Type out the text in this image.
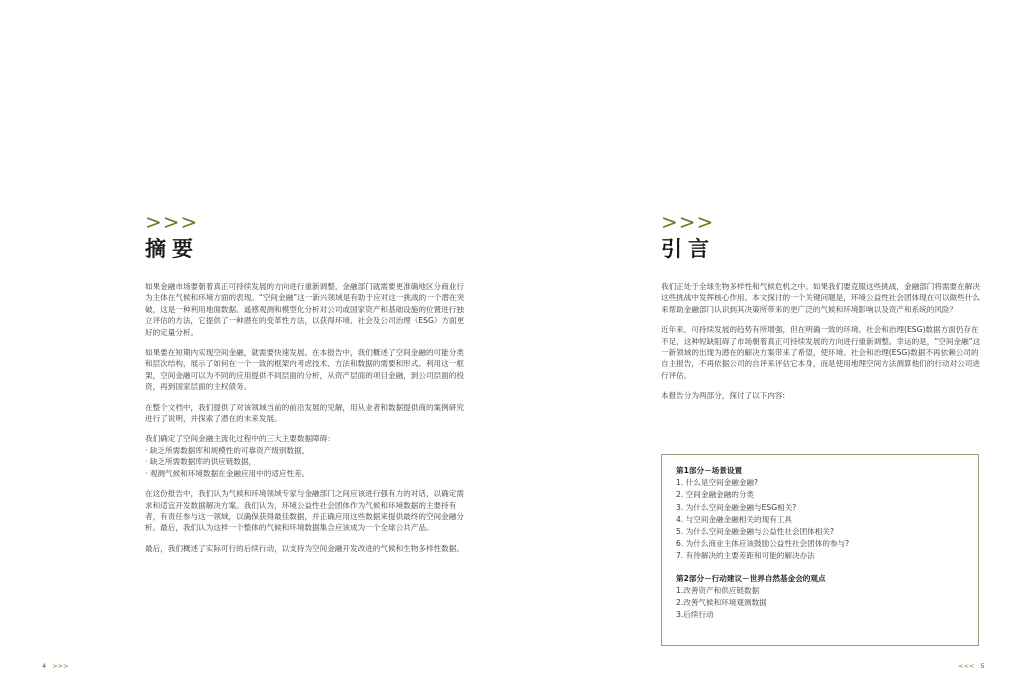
>>>
摘要

如果金融市场要朝着真正可持续发展的方向进行重新调整，金融部门就需要更准确地区分商业行为主体在气候和环境方面的表现。“空间金融”这一新兴领域是有助于应对这一挑战的一个潜在突破，这是一种利用地面数据、遥感观测和模型化分析对公司或国家资产和基础设施的位置进行独立评估的方法，它提供了一种潜在的变革性方法，以获得环境、社会及公司治理（ESG）方面更好的定量分析。

如果要在短期内实现空间金融，就需要快速发展。在本报告中，我们概述了空间金融的可能分类和层次结构，展示了如何在一个一致的框架内考虑技术、方法和数据的需要和形式。利用这一框架，空间金融可以为不同的应用提供不同层面的分析，从资产层面的项目金融，到公司层面的投资，再到国家层面的主权债务。

在整个文档中，我们提供了对该领域当前的前沿发展的见解，用从业者和数据提供商的案例研究进行了说明，并探索了潜在的未来发展。

我们确定了空间金融主流化过程中的三大主要数据障碍：

· 缺乏所需数据库和规模性的可靠资产级别数据，
· 缺乏所需数据库的供应链数据，
· 观测气候和环境数据在金融应用中的适应性差。

在这份报告中，我们认为气候和环境领域专家与金融部门之间应该进行强有力的对话，以确定需求和适宜开发数据解决方案。我们认为，环境公益性社会团体作为气候和环境数据的主要持有者，有责任参与这一领域，以确保获得最佳数据，并正确应用这些数据来提供最终的空间金融分析。最后，我们认为这样一个整体的气候和环境数据集合应该成为一个全球公共产品。

最后，我们概述了实际可行的后续行动，以支持为空间金融开发改进的气候和生物多样性数据。

4 >>>
>>>
引言

我们正处于全球生物多样性和气候危机之中。如果我们要克服这些挑战，金融部门将需要在解决这些挑战中发挥核心作用。本文探讨的一个关键问题是，环境公益性社会团体现在可以做些什么来帮助金融部门认识到其决策所带来的更广泛的气候和环境影响以及资产和系统的风险？

近年来，可持续发展的趋势有所增强，但在明确一致的环境、社会和治理(ESG)数据方面仍存在不足，这种短缺阻碍了市场朝着真正可持续发展的方向进行重新调整。幸运的是，“空间金融”这一新领域的出现为潜在的解决方案带来了希望，使环境、社会和治理(ESG)数据不再依赖公司的自主报告，不再依据公司的自评来评估它本身，而是使用地理空间方法测算他们的行动对公司进行评估。

本报告分为两部分，探讨了以下内容:

第1部分－场景设置

1. 什么是空间金融金融?
2. 空间金融金融的分类
3. 为什么空间金融金融与ESG相关?
4. 与空间金融金融相关的现有工具
5. 为什么空间金融金融与公益性社会团体相关?
6. 为什么商业主体应该鼓励公益性社会团体的参与?
7. 有待解决的主要差距和可能的解决办法

第2部分－行动建议－世界自然基金会的观点

1.改善资产和供应链数据
2.改善气候和环境观测数据
3.后续行动
<<< 5
